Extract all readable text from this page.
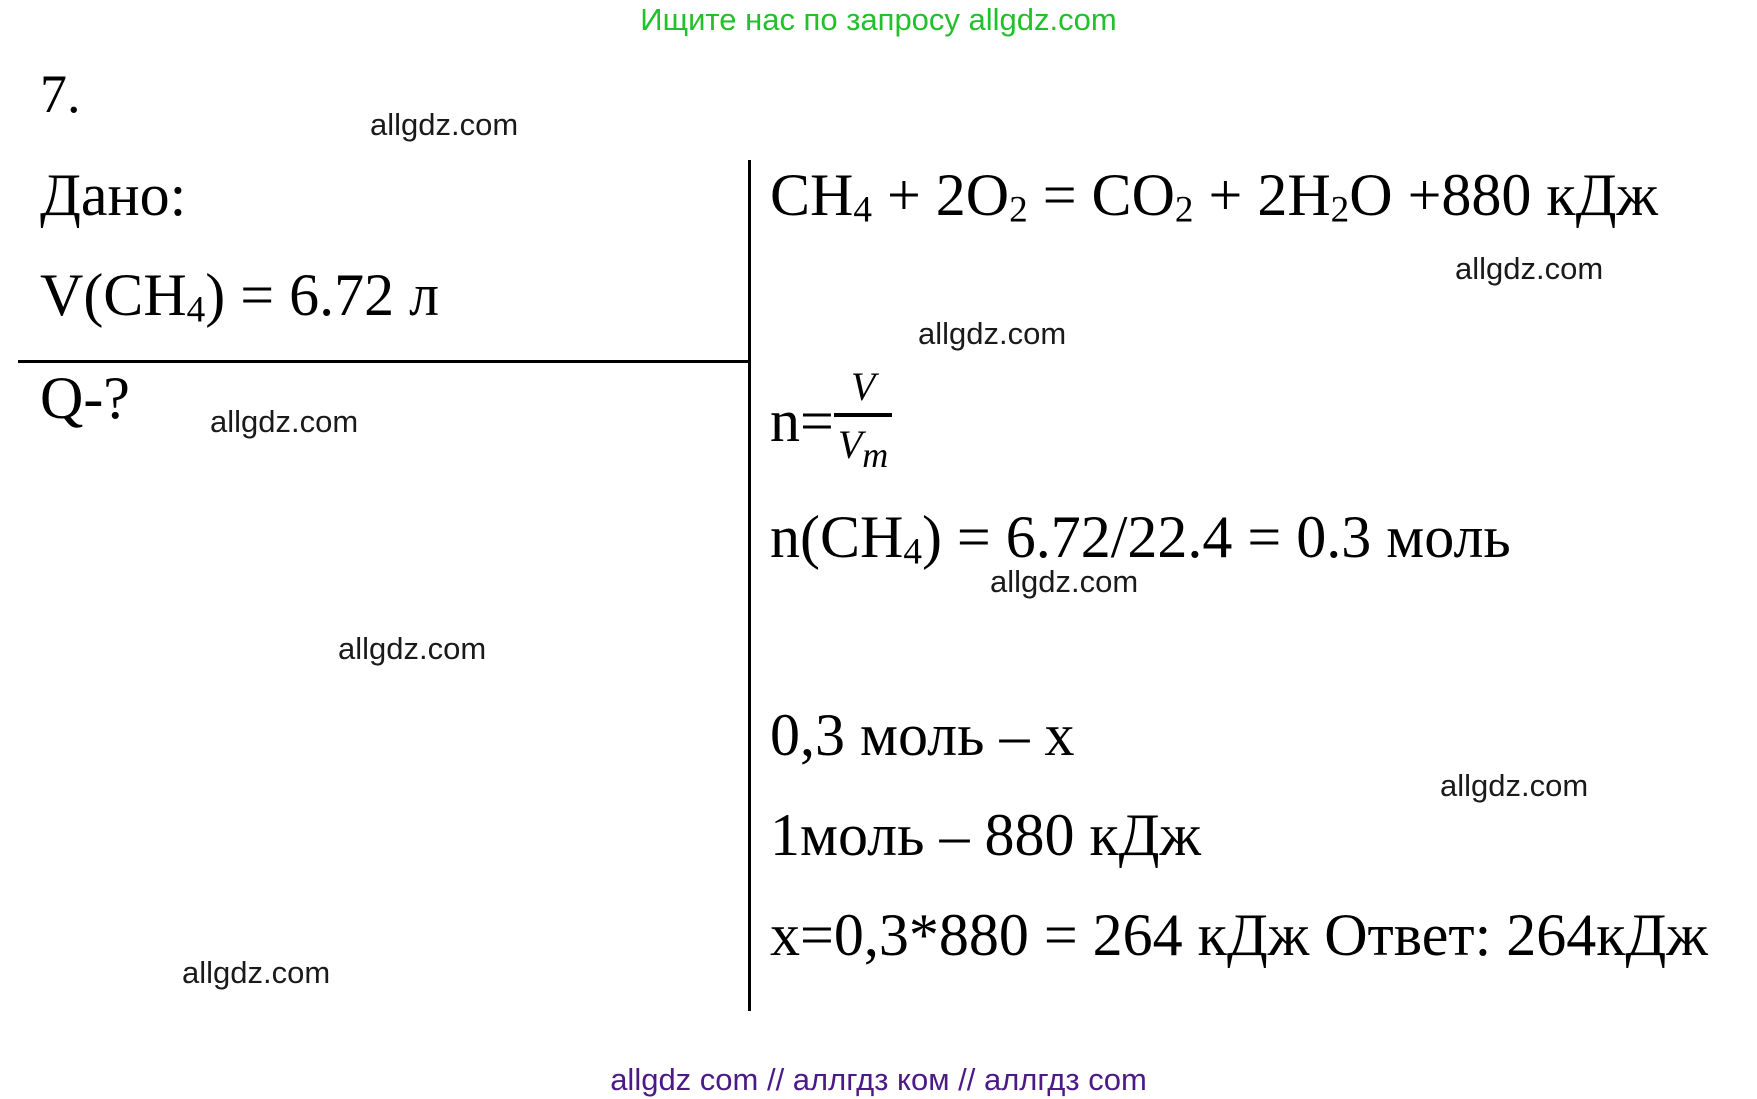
Ищите нас по запросу allgdz.com
7.
Дано:
V(CH4) = 6.72 л
Q-?
CH4 + 2O2 = CO2 + 2H2O +880 кДж
$n= \frac{V}{Vm}$
n(CH4) = 6.72/22.4 = 0.3 моль
0,3 моль – x
1моль – 880 кДж
x=0,3*880 = 264 кДж Ответ: 264кДж
allgdz.com
allgdz.com
allgdz.com
allgdz.com
allgdz.com
allgdz.com
allgdz.com
allgdz.com
allgdz com // аллгдз ком // аллгдз com
